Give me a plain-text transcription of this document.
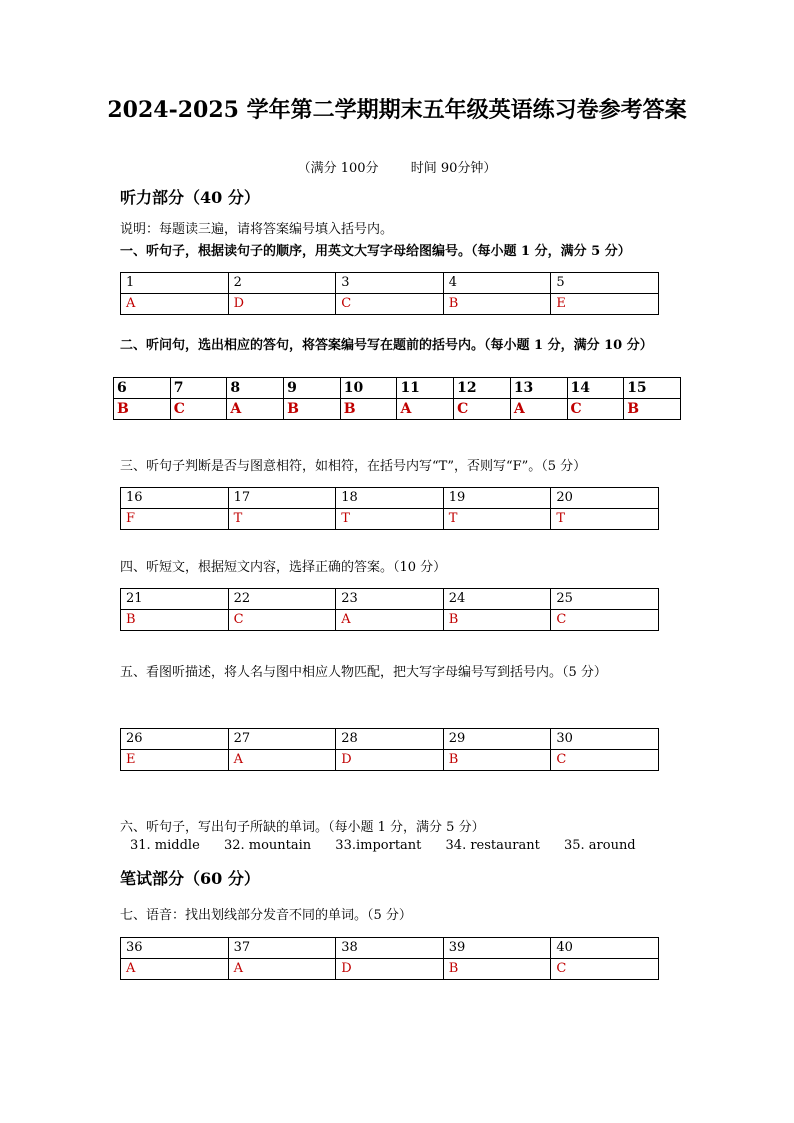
2024-2025 学年第二学期期末五年级英语练习卷参考答案
（满分 100分 时间 90分钟）
听力部分（40 分）
说明：每题读三遍，请将答案编号填入括号内。
一、听句子，根据读句子的顺序，用英文大写字母给图编号。（每小题 1 分，满分 5 分）
1	2	3	4	5
A	D	C	B	E
二、听问句，选出相应的答句，将答案编号写在题前的括号内。（每小题 1 分，满分 10 分）
6	7	8	9	10	11	12	13	14	15
B	C	A	B	B	A	C	A	C	B
三、听句子判断是否与图意相符，如相符，在括号内写“T”，否则写“F”。（5 分）
16	17	18	19	20
F	T	T	T	T
四、听短文，根据短文内容，选择正确的答案。（10 分）
21	22	23	24	25
B	C	A	B	C
五、看图听描述，将人名与图中相应人物匹配，把大写字母编号写到括号内。（5 分）
26	27	28	29	30
E	A	D	B	C
六、听句子，写出句子所缺的单词。（每小题 1 分，满分 5 分）
31. middle 32. mountain 33.important 34. restaurant 35. around
笔试部分（60 分）
七、语音：找出划线部分发音不同的单词。（5 分）
36	37	38	39	40
A	A	D	B	C
